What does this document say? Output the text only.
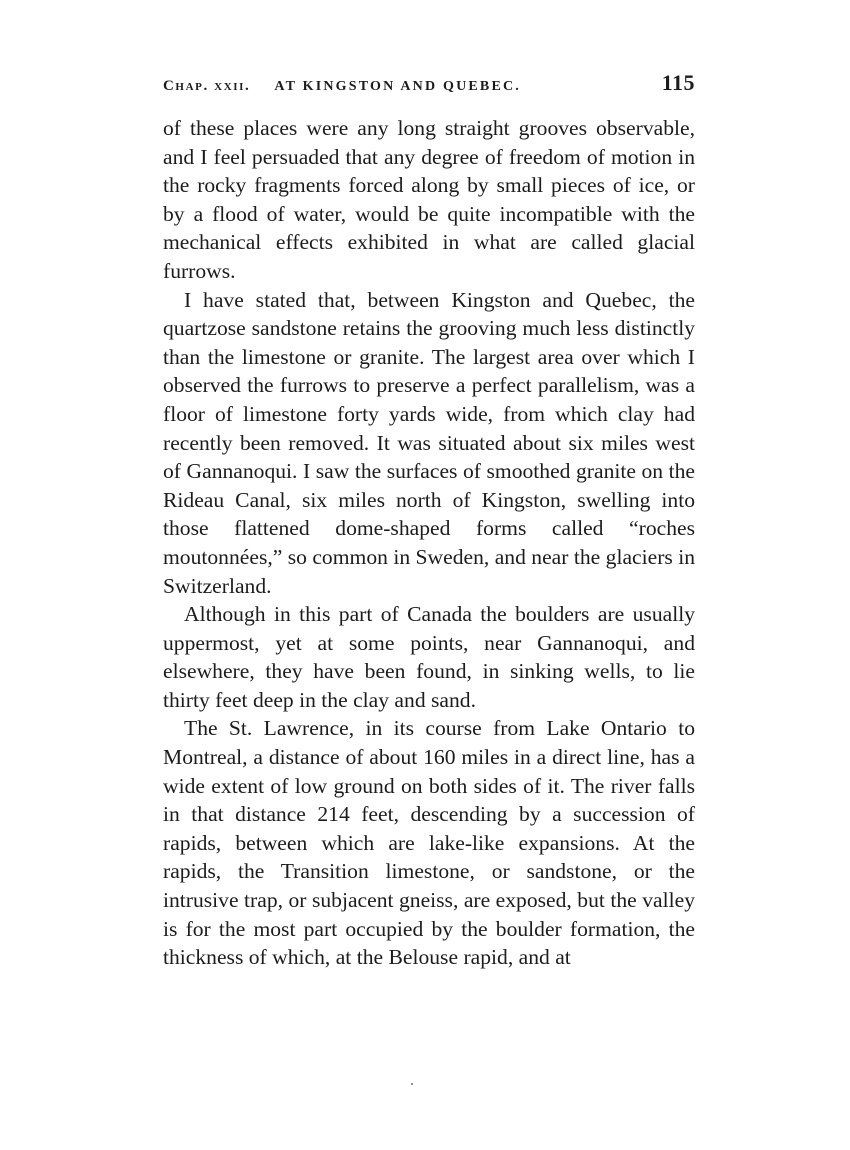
Chap. xxii. AT KINGSTON AND QUEBEC.	115

of these places were any long straight grooves observable, and I feel persuaded that any degree of freedom of motion in the rocky fragments forced along by small pieces of ice, or by a flood of water, would be quite incompatible with the mechanical effects exhibited in what are called glacial furrows.

I have stated that, between Kingston and Quebec, the quartzose sandstone retains the grooving much less distinctly than the limestone or granite. The largest area over which I observed the furrows to preserve a perfect parallelism, was a floor of limestone forty yards wide, from which clay had recently been removed. It was situated about six miles west of Gannanoqui. I saw the surfaces of smoothed granite on the Rideau Canal, six miles north of Kingston, swelling into those flattened dome-shaped forms called “roches moutonnées,” so common in Sweden, and near the glaciers in Switzerland.

Although in this part of Canada the boulders are usually uppermost, yet at some points, near Gannanoqui, and elsewhere, they have been found, in sinking wells, to lie thirty feet deep in the clay and sand.

The St. Lawrence, in its course from Lake Ontario to Montreal, a distance of about 160 miles in a direct line, has a wide extent of low ground on both sides of it. The river falls in that distance 214 feet, descending by a succession of rapids, between which are lake-like expansions. At the rapids, the Transition limestone, or sandstone, or the intrusive trap, or subjacent gneiss, are exposed, but the valley is for the most part occupied by the boulder formation, the thickness of which, at the Belouse rapid, and at
